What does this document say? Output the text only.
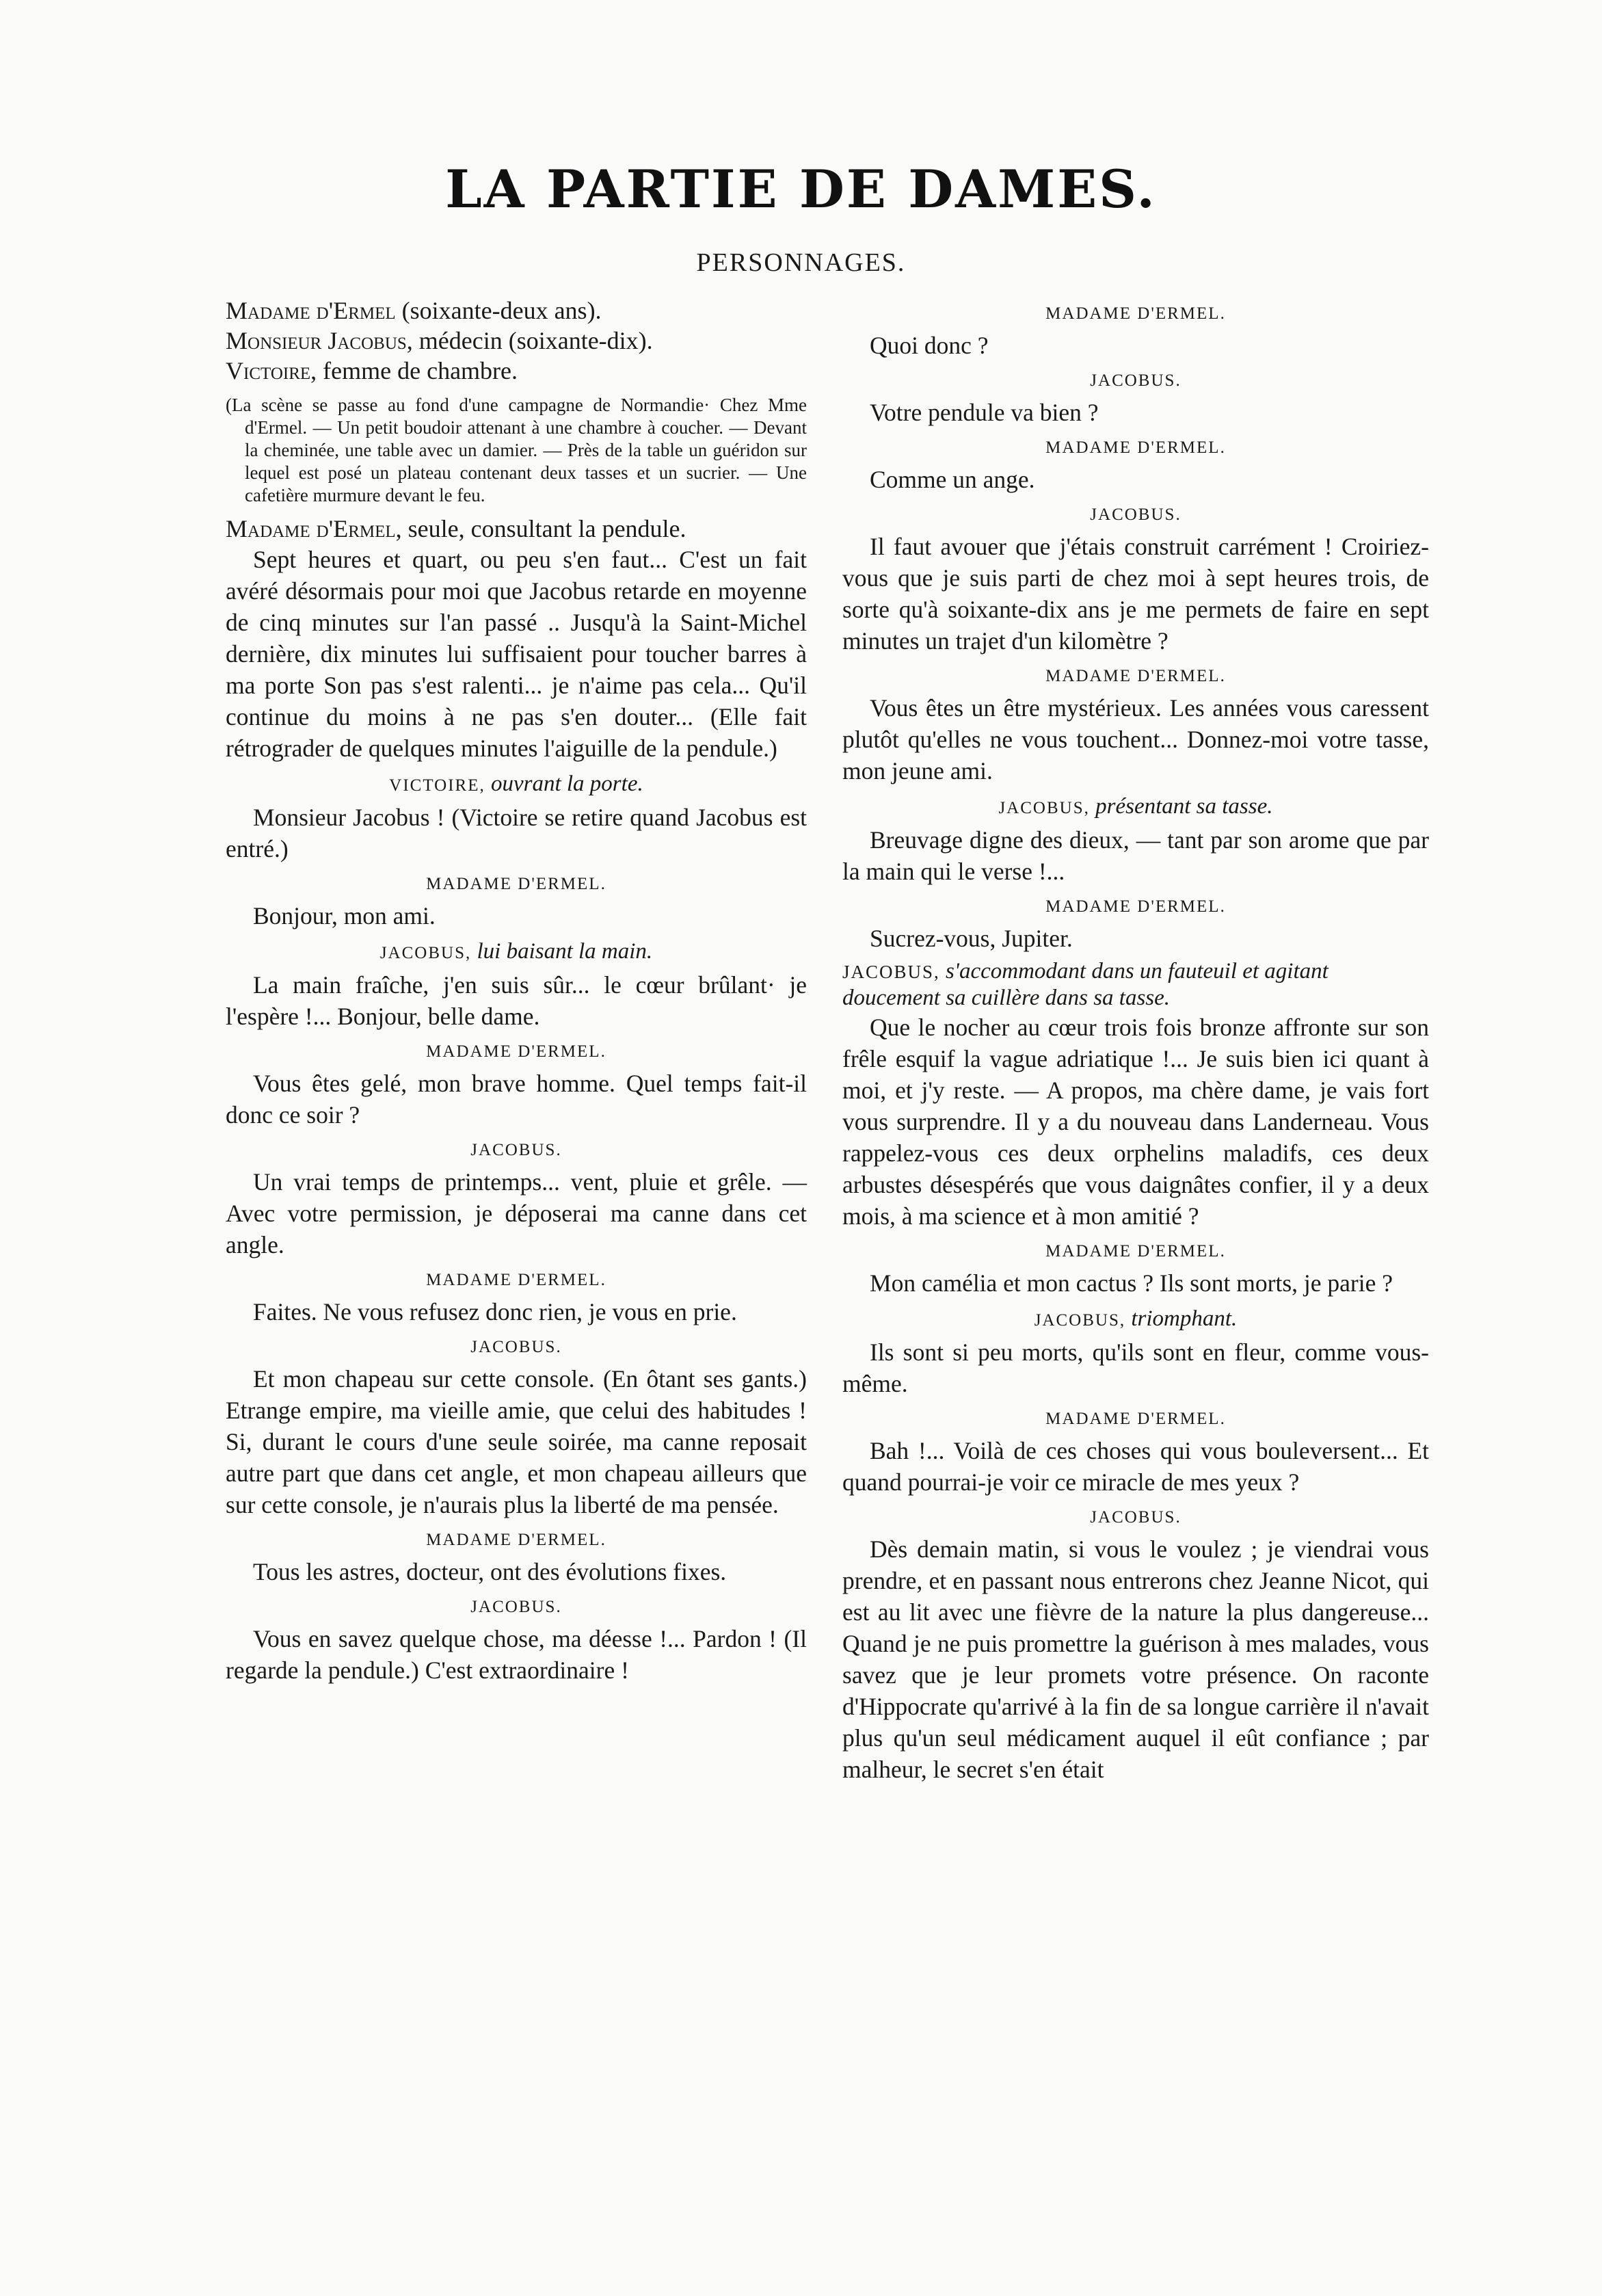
LA PARTIE DE DAMES.
PERSONNAGES.

Madame d'Ermel (soixante-deux ans).

Monsieur Jacobus, médecin (soixante-dix).

Victoire, femme de chambre.

(La scène se passe au fond d'une campagne de Normandie· Chez Mme d'Ermel. — Un petit boudoir attenant à une chambre à coucher. — Devant la cheminée, une table avec un damier. — Près de la table un guéridon sur lequel est posé un plateau contenant deux tasses et un sucrier. — Une cafetière murmure devant le feu.

Madame d'Ermel, seule, consultant la pendule.

Sept heures et quart, ou peu s'en faut... C'est un fait avéré désormais pour moi que Jacobus retarde en moyenne de cinq minutes sur l'an passé .. Jusqu'à la Saint-Michel dernière, dix minutes lui suffisaient pour toucher barres à ma porte Son pas s'est ralenti... je n'aime pas cela... Qu'il continue du moins à ne pas s'en douter... (Elle fait rétrograder de quelques minutes l'aiguille de la pendule.)

VICTOIRE, ouvrant la porte.

Monsieur Jacobus ! (Victoire se retire quand Jacobus est entré.)

MADAME D'ERMEL.

Bonjour, mon ami.

JACOBUS, lui baisant la main.

La main fraîche, j'en suis sûr... le cœur brûlant· je l'espère !... Bonjour, belle dame.

MADAME D'ERMEL.

Vous êtes gelé, mon brave homme. Quel temps fait-il donc ce soir ?

JACOBUS.

Un vrai temps de printemps... vent, pluie et grêle. — Avec votre permission, je déposerai ma canne dans cet angle.

MADAME D'ERMEL.

Faites. Ne vous refusez donc rien, je vous en prie.

JACOBUS.

Et mon chapeau sur cette console. (En ôtant ses gants.) Etrange empire, ma vieille amie, que celui des habitudes ! Si, durant le cours d'une seule soirée, ma canne reposait autre part que dans cet angle, et mon chapeau ailleurs que sur cette console, je n'aurais plus la liberté de ma pensée.

MADAME D'ERMEL.

Tous les astres, docteur, ont des évolutions fixes.

JACOBUS.

Vous en savez quelque chose, ma déesse !... Pardon ! (Il regarde la pendule.) C'est extraordinaire !

MADAME D'ERMEL.

Quoi donc ?

JACOBUS.

Votre pendule va bien ?

MADAME D'ERMEL.

Comme un ange.

JACOBUS.

Il faut avouer que j'étais construit carrément ! Croiriez-vous que je suis parti de chez moi à sept heures trois, de sorte qu'à soixante-dix ans je me permets de faire en sept minutes un trajet d'un kilomètre ?

MADAME D'ERMEL.

Vous êtes un être mystérieux. Les années vous caressent plutôt qu'elles ne vous touchent... Donnez-moi votre tasse, mon jeune ami.

JACOBUS, présentant sa tasse.

Breuvage digne des dieux, — tant par son arome que par la main qui le verse !...

MADAME D'ERMEL.

Sucrez-vous, Jupiter.

JACOBUS, s'accommodant dans un fauteuil et agitant doucement sa cuillère dans sa tasse.

Que le nocher au cœur trois fois bronze affronte sur son frêle esquif la vague adriatique !... Je suis bien ici quant à moi, et j'y reste. — A propos, ma chère dame, je vais fort vous surprendre. Il y a du nouveau dans Landerneau. Vous rappelez-vous ces deux orphelins maladifs, ces deux arbustes désespérés que vous daignâtes confier, il y a deux mois, à ma science et à mon amitié ?

MADAME D'ERMEL.

Mon camélia et mon cactus ? Ils sont morts, je parie ?

JACOBUS, triomphant.

Ils sont si peu morts, qu'ils sont en fleur, comme vous-même.

MADAME D'ERMEL.

Bah !... Voilà de ces choses qui vous bouleversent... Et quand pourrai-je voir ce miracle de mes yeux ?

JACOBUS.

Dès demain matin, si vous le voulez ; je viendrai vous prendre, et en passant nous entrerons chez Jeanne Nicot, qui est au lit avec une fièvre de la nature la plus dangereuse... Quand je ne puis promettre la guérison à mes malades, vous savez que je leur promets votre présence. On raconte d'Hippocrate qu'arrivé à la fin de sa longue carrière il n'avait plus qu'un seul médicament auquel il eût confiance ; par malheur, le secret s'en était
